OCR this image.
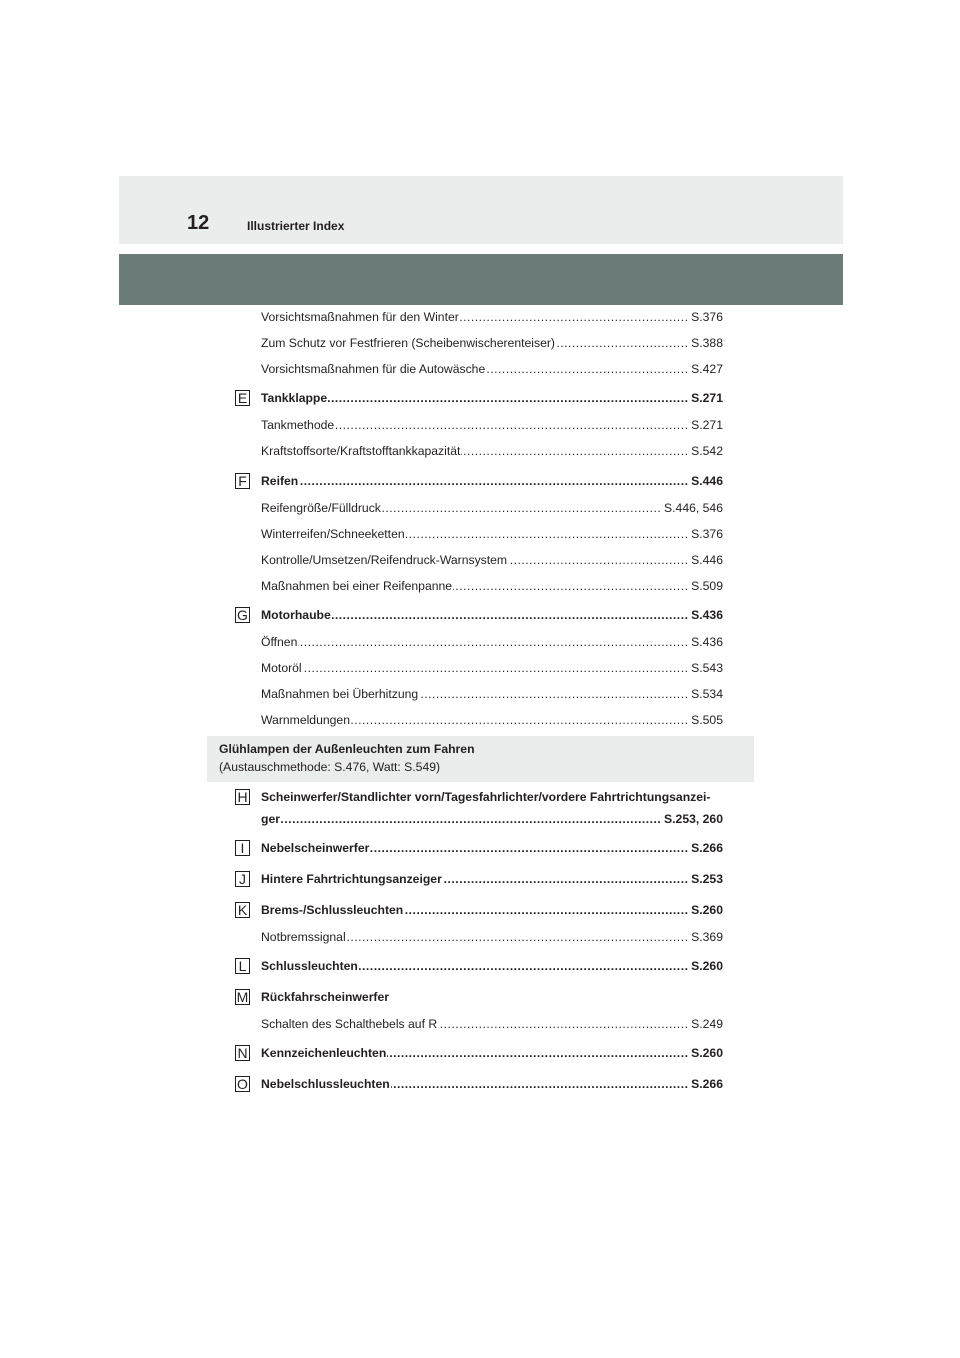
12	Illustrierter Index
Vorsichtsmaßnahmen für den Winter	S.376
.....
Zum Schutz vor Festfrieren (Scheibenwischerenteiser)	S.388
.....
Vorsichtsmaßnahmen für die Autowäsche	S.427
.....
E Tankklappe	S.271
.....
Tankmethode	S.271
.....
Kraftstoffsorte/Kraftstofftankkapazität	S.542
.....
F Reifen	S.446
.....
Reifengröße/Fülldruck	S.446, 546
.....
Winterreifen/Schneeketten	S.376
.....
Kontrolle/Umsetzen/Reifendruck-Warnsystem	S.446
.....
Maßnahmen bei einer Reifenpanne	S.509
.....
G Motorhaube	S.436
.....
Öffnen	S.436
.....
Motoröl	S.543
.....
Maßnahmen bei Überhitzung	S.534
.....
Warnmeldungen	S.505
.....
Glühlampen der Außenleuchten zum Fahren
(Austauschmethode: S.476, Watt: S.549)
H Scheinwerfer/Standlichter vorn/Tagesfahrlichter/vordere Fahrtrichtungsanzei-
ger	S.253, 260
.....
I	Nebelscheinwerfer	S.266
.....
J	Hintere Fahrtrichtungsanzeiger	S.253
.....
K Brems-/Schlussleuchten	S.260
.....
Notbremssignal	S.369
.....
L Schlussleuchten	S.260
.....
M Rückfahrscheinwerfer
Schalten des Schalthebels auf R	S.249
.....
N Kennzeichenleuchten	S.260
.....
O Nebelschlussleuchten	S.266
.....
